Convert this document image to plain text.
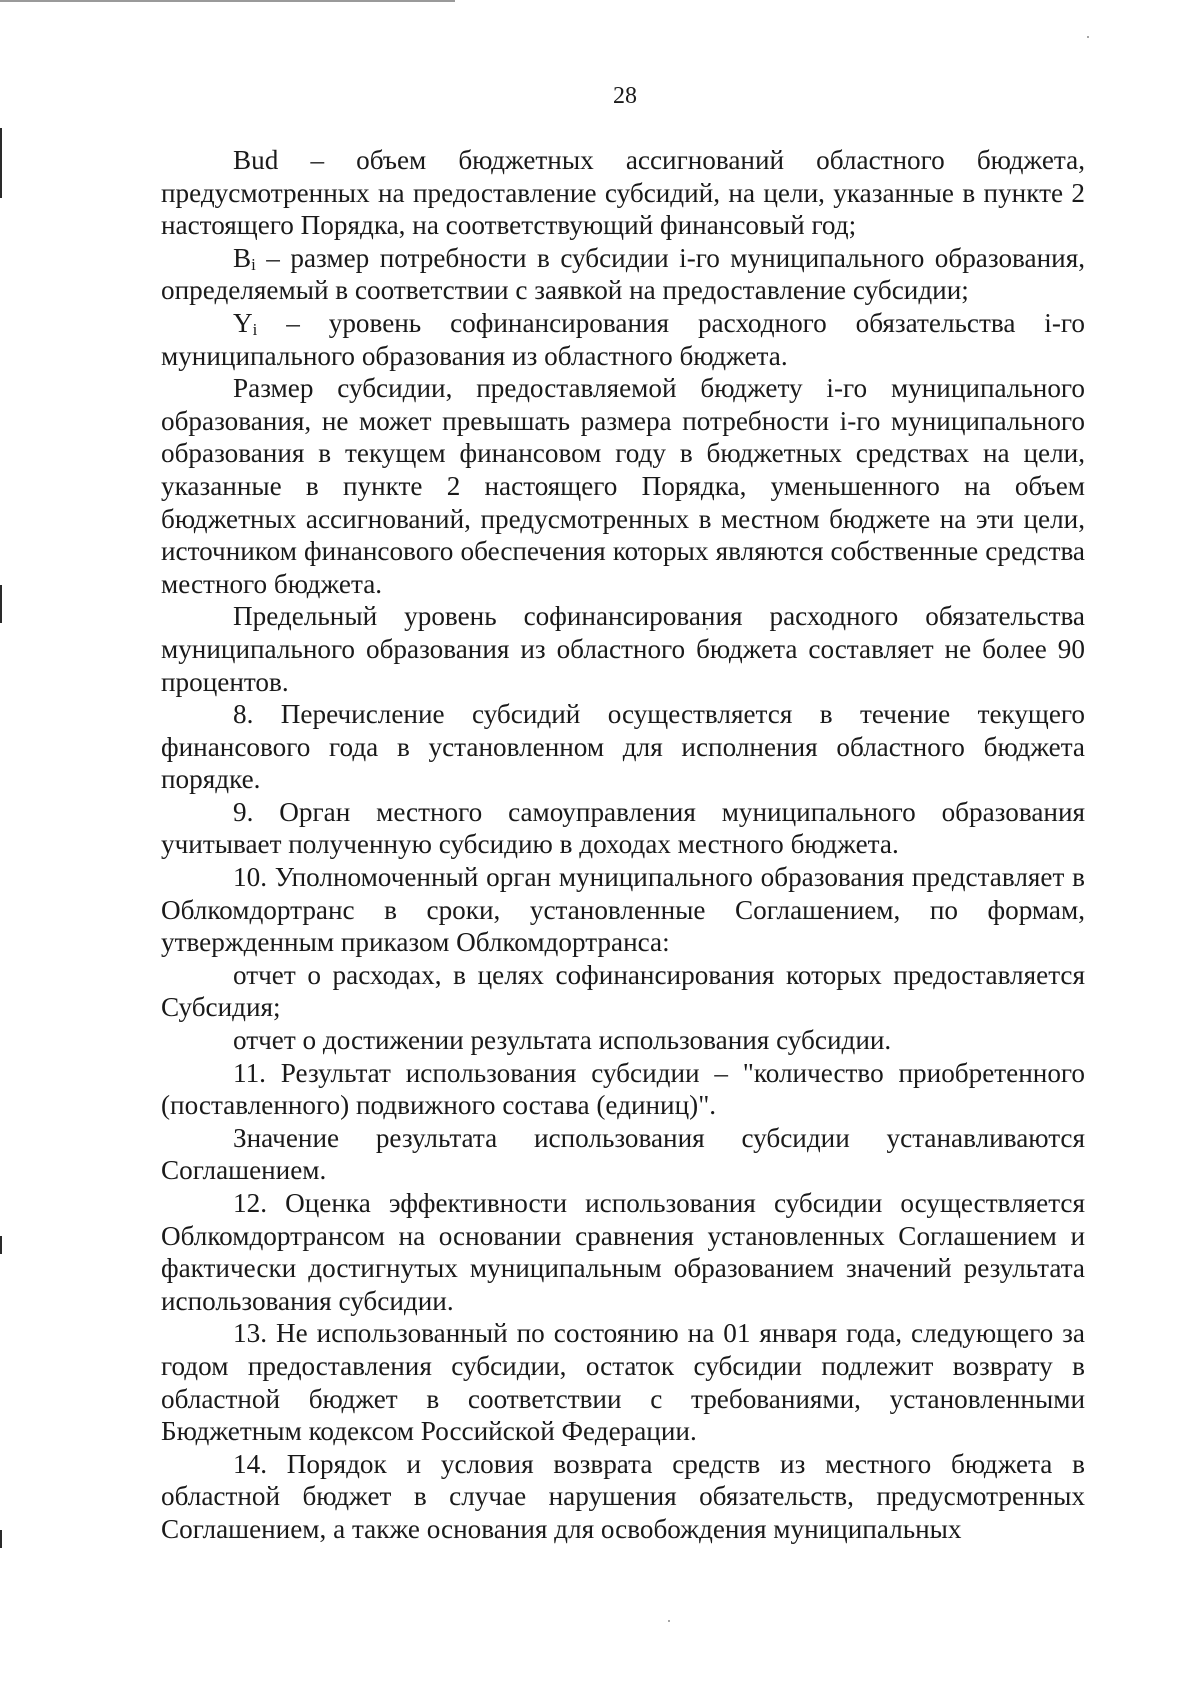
28

Bud – объем бюджетных ассигнований областного бюджета, предусмотренных на предоставление субсидий, на цели, указанные в пункте 2 настоящего Порядка, на соответствующий финансовый год;

Bi – размер потребности в субсидии i-го муниципального образования, определяемый в соответствии с заявкой на предоставление субсидии;

Yi – уровень софинансирования расходного обязательства i-го муниципального образования из областного бюджета.

Размер субсидии, предоставляемой бюджету i-го муниципального образования, не может превышать размера потребности i-го муниципального образования в текущем финансовом году в бюджетных средствах на цели, указанные в пункте 2 настоящего Порядка, уменьшенного на объем бюджетных ассигнований, предусмотренных в местном бюджете на эти цели, источником финансового обеспечения которых являются собственные средства местного бюджета.

Предельный уровень софинансирования расходного обязательства муниципального образования из областного бюджета составляет не более 90 процентов.

8. Перечисление субсидий осуществляется в течение текущего финансового года в установленном для исполнения областного бюджета порядке.

9. Орган местного самоуправления муниципального образования учитывает полученную субсидию в доходах местного бюджета.

10. Уполномоченный орган муниципального образования представляет в Облкомдортранс в сроки, установленные Соглашением, по формам, утвержденным приказом Облкомдортранса:

отчет о расходах, в целях софинансирования которых предоставляется Субсидия;

отчет о достижении результата использования субсидии.

11. Результат использования субсидии – "количество приобретенного (поставленного) подвижного состава (единиц)".

Значение результата использования субсидии устанавливаются Соглашением.

12. Оценка эффективности использования субсидии осуществляется Облкомдортрансом на основании сравнения установленных Соглашением и фактически достигнутых муниципальным образованием значений результата использования субсидии.

13. Не использованный по состоянию на 01 января года, следующего за годом предоставления субсидии, остаток субсидии подлежит возврату в областной бюджет в соответствии с требованиями, установленными Бюджетным кодексом Российской Федерации.

14. Порядок и условия возврата средств из местного бюджета в областной бюджет в случае нарушения обязательств, предусмотренных Соглашением, а также основания для освобождения муниципальных
